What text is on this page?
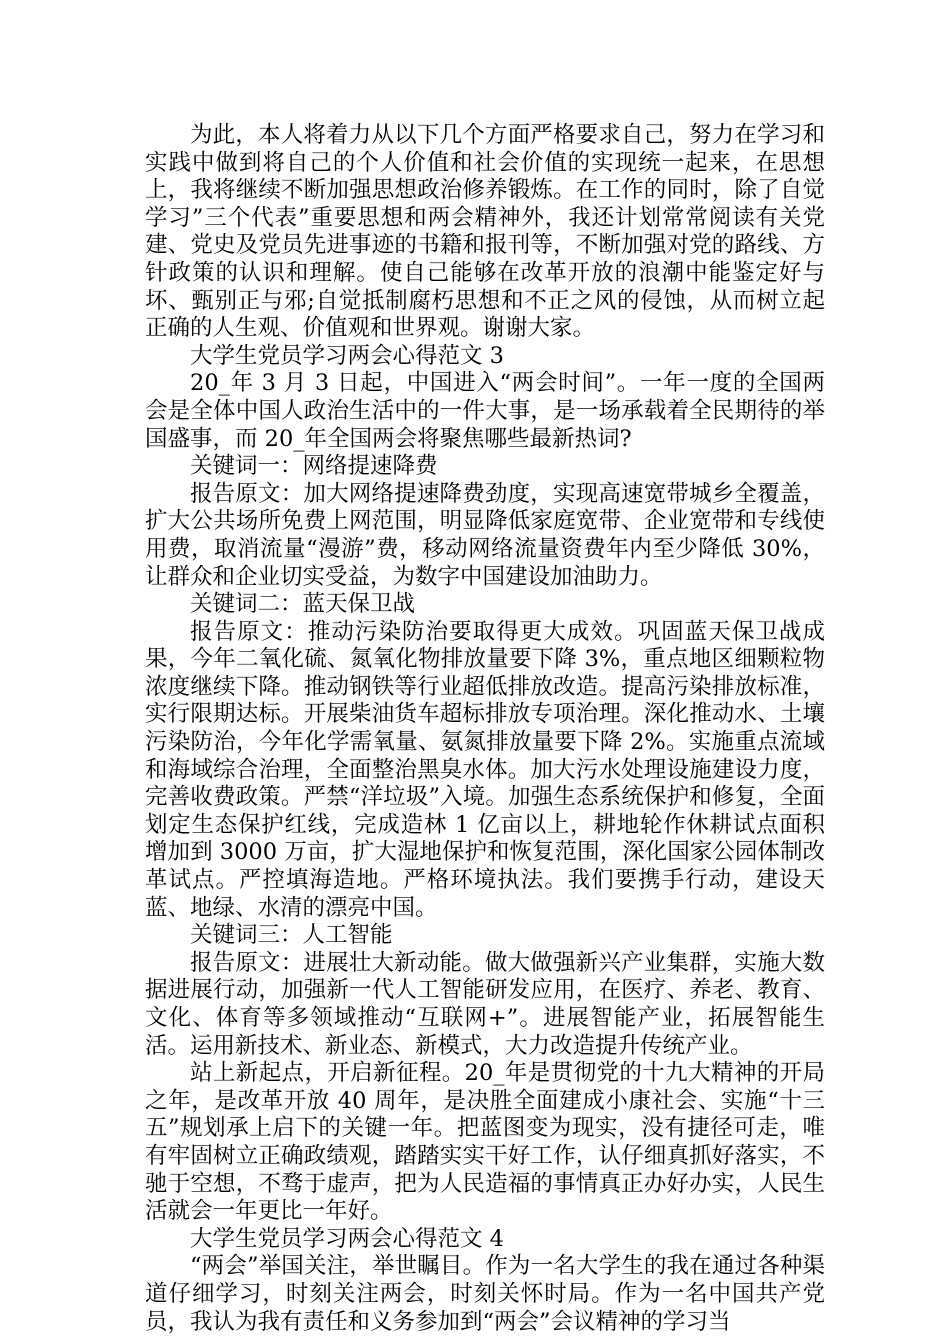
为此，本人将着力从以下几个方面严格要求自己，努力在学习和实践中做到将自己的个人价值和社会价值的实现统一起来，在思想上，我将继续不断加强思想政治修养锻炼。在工作的同时，除了自觉学习”三个代表”重要思想和两会精神外，我还计划常常阅读有关党建、党史及党员先进事迹的书籍和报刊等，不断加强对党的路线、方针政策的认识和理解。使自己能够在改革开放的浪潮中能鉴定好与坏、甄别正与邪;自觉抵制腐朽思想和不正之风的侵蚀，从而树立起正确的人生观、价值观和世界观。谢谢大家。

大学生党员学习两会心得范文 3

20_年 3 月 3 日起，中国进入“两会时间”。一年一度的全国两会是全体中国人政治生活中的一件大事，是一场承载着全民期待的举国盛事，而 20_年全国两会将聚焦哪些最新热词?

关键词一：网络提速降费

报告原文：加大网络提速降费劲度，实现高速宽带城乡全覆盖，扩大公共场所免费上网范围，明显降低家庭宽带、企业宽带和专线使用费，取消流量“漫游”费，移动网络流量资费年内至少降低 30%，让群众和企业切实受益，为数字中国建设加油助力。

关键词二：蓝天保卫战

报告原文：推动污染防治要取得更大成效。巩固蓝天保卫战成果，今年二氧化硫、氮氧化物排放量要下降 3%，重点地区细颗粒物浓度继续下降。推动钢铁等行业超低排放改造。提高污染排放标准，实行限期达标。开展柴油货车超标排放专项治理。深化推动水、土壤污染防治，今年化学需氧量、氨氮排放量要下降 2%。实施重点流域和海域综合治理，全面整治黑臭水体。加大污水处理设施建设力度，完善收费政策。严禁“洋垃圾”入境。加强生态系统保护和修复，全面划定生态保护红线，完成造林 1 亿亩以上，耕地轮作休耕试点面积增加到 3000 万亩，扩大湿地保护和恢复范围，深化国家公园体制改革试点。严控填海造地。严格环境执法。我们要携手行动，建设天蓝、地绿、水清的漂亮中国。

关键词三：人工智能

报告原文：进展壮大新动能。做大做强新兴产业集群，实施大数据进展行动，加强新一代人工智能研发应用，在医疗、养老、教育、文化、体育等多领域推动“互联网+”。进展智能产业，拓展智能生活。运用新技术、新业态、新模式，大力改造提升传统产业。

站上新起点，开启新征程。20_年是贯彻党的十九大精神的开局之年，是改革开放 40 周年，是决胜全面建成小康社会、实施“十三五”规划承上启下的关键一年。把蓝图变为现实，没有捷径可走，唯有牢固树立正确政绩观，踏踏实实干好工作，认仔细真抓好落实，不驰于空想，不骛于虚声，把为人民造福的事情真正办好办实，人民生活就会一年更比一年好。

大学生党员学习两会心得范文 4

“两会”举国关注，举世瞩目。作为一名大学生的我在通过各种渠道仔细学习，时刻关注两会，时刻关怀时局。作为一名中国共产党员，我认为我有责任和义务参加到“两会”会议精神的学习当
